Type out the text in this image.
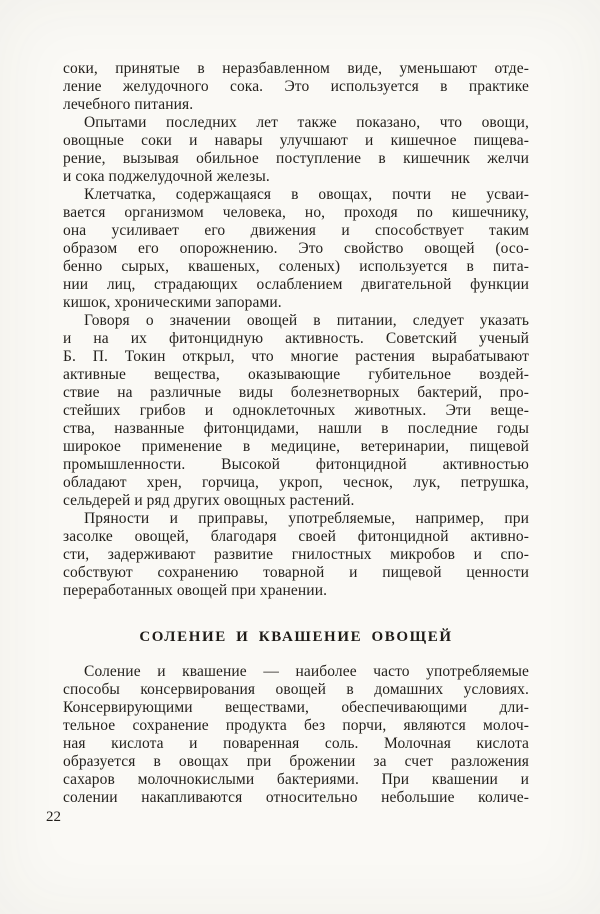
соки, принятые в неразбавленном виде, уменьшают отде-
ление желудочного сока. Это используется в практике
лечебного питания.
Опытами последних лет также показано, что овощи,
овощные соки и навары улучшают и кишечное пищева-
рение, вызывая обильное поступление в кишечник желчи
и сока поджелудочной железы.
Клетчатка, содержащаяся в овощах, почти не усваи-
вается организмом человека, но, проходя по кишечнику,
она усиливает его движения и способствует таким
образом его опорожнению. Это свойство овощей (осо-
бенно сырых, квашеных, соленых) используется в пита-
нии лиц, страдающих ослаблением двигательной функции
кишок, хроническими запорами.
Говоря о значении овощей в питании, следует указать
и на их фитонцидную активность. Советский ученый
Б. П. Токин открыл, что многие растения вырабатывают
активные вещества, оказывающие губительное воздей-
ствие на различные виды болезнетворных бактерий, про-
стейших грибов и одноклеточных животных. Эти веще-
ства, названные фитонцидами, нашли в последние годы
широкое применение в медицине, ветеринарии, пищевой
промышленности. Высокой фитонцидной активностью
обладают хрен, горчица, укроп, чеснок, лук, петрушка,
сельдерей и ряд других овощных растений.
Пряности и приправы, употребляемые, например, при
засолке овощей, благодаря своей фитонцидной активно-
сти, задерживают развитие гнилостных микробов и спо-
собствуют сохранению товарной и пищевой ценности
переработанных овощей при хранении.
СОЛЕНИЕ И КВАШЕНИЕ ОВОЩЕЙ
Соление и квашение — наиболее часто употребляемые
способы консервирования овощей в домашних условиях.
Консервирующими веществами, обеспечивающими дли-
тельное сохранение продукта без порчи, являются молоч-
ная кислота и поваренная соль. Молочная кислота
образуется в овощах при брожении за счет разложения
сахаров молочнокислыми бактериями. При квашении и
солении накапливаются относительно небольшие количе-
22
